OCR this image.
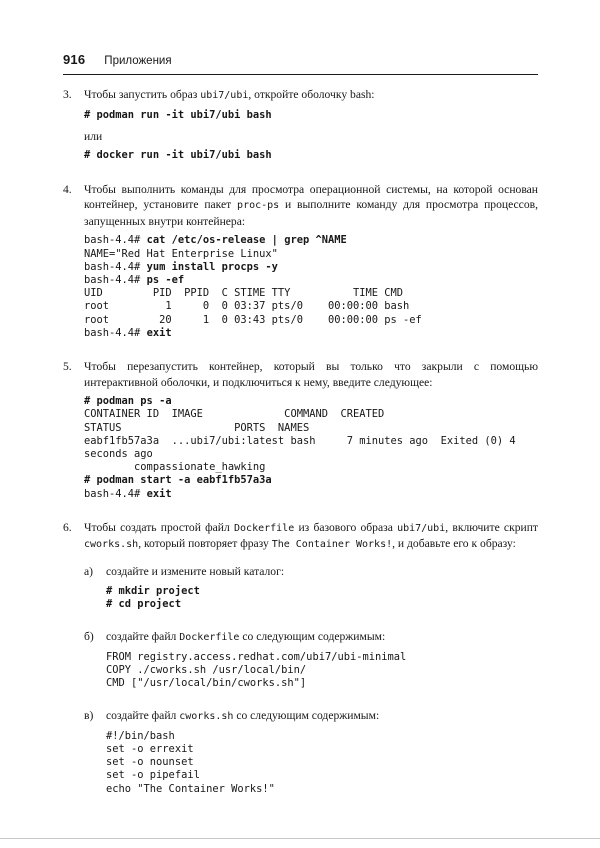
916 Приложения
3.	Чтобы запустить образ ubi7/ubi, откройте оболочку bash:

# podman run -it ubi7/ubi bash

или

# docker run -it ubi7/ubi bash
4.	Чтобы выполнить команды для просмотра операционной системы, на которой основан контейнер, установите пакет proc-ps и выполните команду для просмотра процессов, запущенных внутри контейнера:

bash-4.4# cat /etc/os-release | grep ^NAME
NAME="Red Hat Enterprise Linux"
bash-4.4# yum install procps -y
bash-4.4# ps -ef
UID        PID  PPID  C STIME TTY          TIME CMD
root         1     0  0 03:37 pts/0    00:00:00 bash
root        20     1  0 03:43 pts/0    00:00:00 ps -ef
bash-4.4# exit
5.	Чтобы перезапустить контейнер, который вы только что закрыли с помощью интерактивной оболочки, и подключиться к нему, введите следующее:

# podman ps -a
CONTAINER ID  IMAGE             COMMAND  CREATED
STATUS                  PORTS  NAMES
eabf1fb57a3a  ...ubi7/ubi:latest bash     7 minutes ago  Exited (0) 4
seconds ago
compassionate_hawking
# podman start -a eabf1fb57a3a
bash-4.4# exit
6.	Чтобы создать простой файл Dockerfile из базового образа ubi7/ubi, включите скрипт cworks.sh, который повторяет фразу The Container Works!, и добавьте его к образу:

а)	создайте и измените новый каталог:

# mkdir project
# cd project
б)	создайте файл Dockerfile со следующим содержимым:

FROM registry.access.redhat.com/ubi7/ubi-minimal
COPY ./cworks.sh /usr/local/bin/
CMD ["/usr/local/bin/cworks.sh"]
в)	создайте файл cworks.sh со следующим содержимым:

#!/bin/bash
set -o errexit
set -o nounset
set -o pipefail
echo "The Container Works!"
